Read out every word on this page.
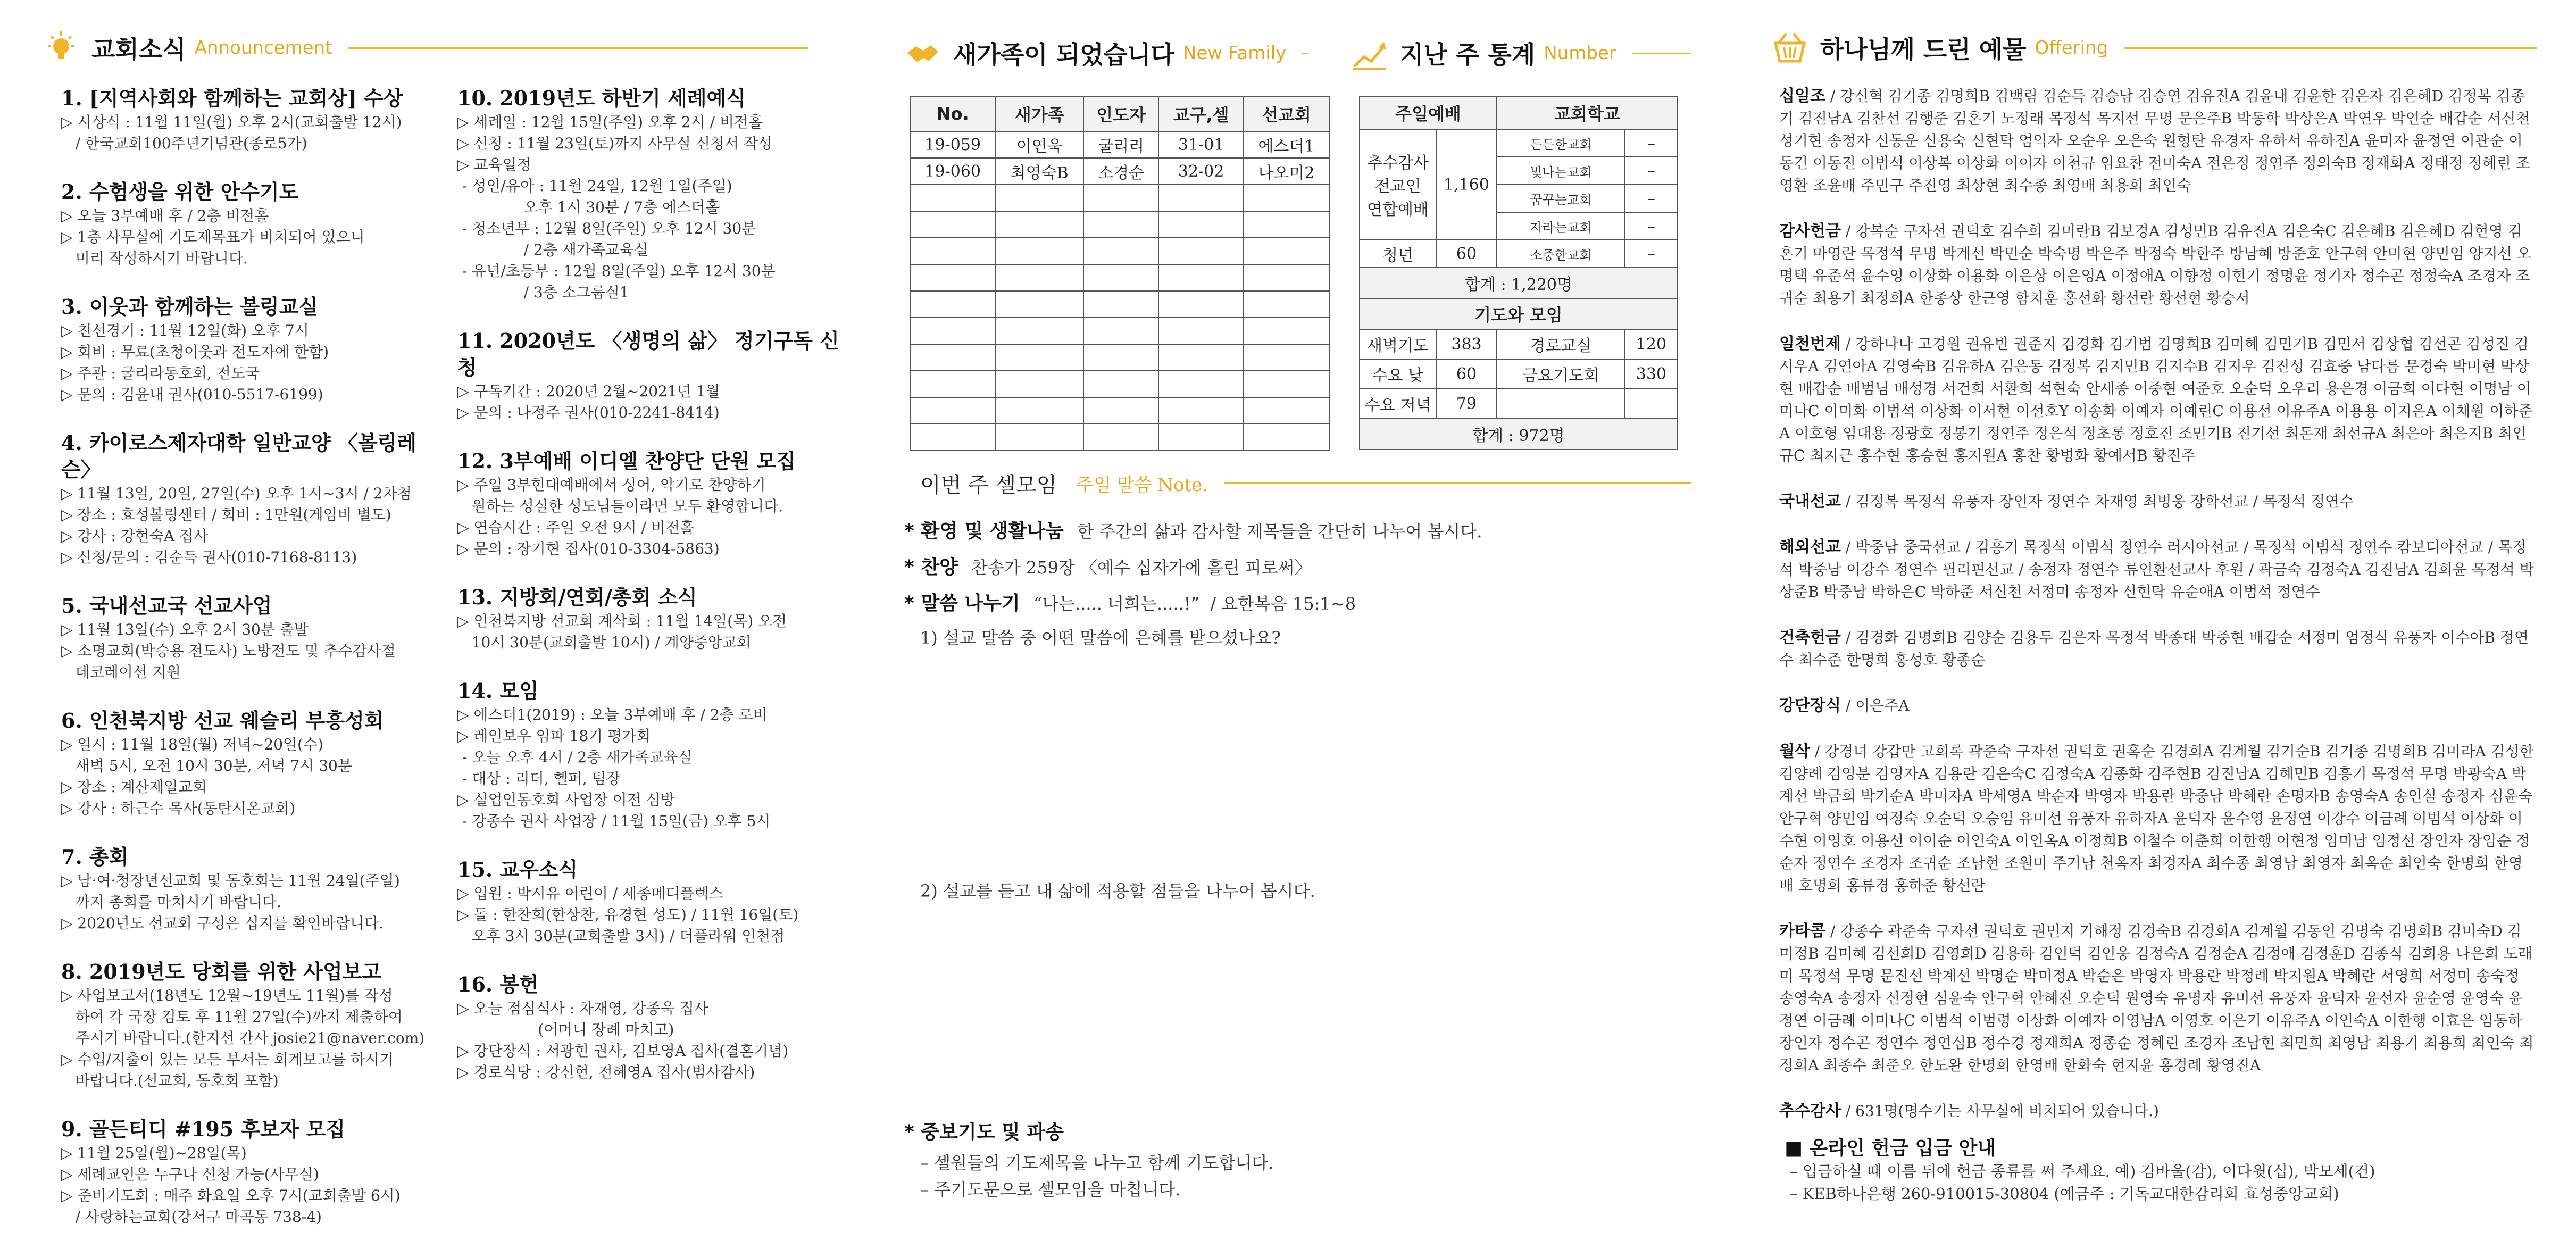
교회소식 Announcement
1. [지역사회와 함께하는 교회상] 수상
▷ 시상식 : 11월 11일(월) 오후 2시(교회출발 12시)
/ 한국교회100주년기념관(종로5가)
2. 수험생을 위한 안수기도
▷ 오늘 3부예배 후 / 2층 비전홀
▷ 1층 사무실에 기도제목표가 비치되어 있으니
미리 작성하시기 바랍니다.
3. 이웃과 함께하는 볼링교실
▷ 친선경기 : 11월 12일(화) 오후 7시
▷ 회비 : 무료(초청이웃과 전도자에 한함)
▷ 주관 : 굴리라동호회, 전도국
▷ 문의 : 김윤내 권사(010-5517-6199)
4. 카이로스제자대학 일반교양 〈볼링레슨〉
▷ 11월 13일, 20일, 27일(수) 오후 1시~3시 / 2차첨
▷ 장소 : 효성볼링센터 / 회비 : 1만원(게임비 별도)
▷ 강사 : 강현숙A 집사
▷ 신청/문의 : 김순득 권사(010-7168-8113)
5. 국내선교국 선교사업
▷ 11월 13일(수) 오후 2시 30분 출발
▷ 소명교회(박승용 전도사) 노방전도 및 추수감사절
데코레이션 지원
6. 인천북지방 선교 웨슬리 부흥성회
▷ 일시 : 11월 18일(월) 저녁~20일(수)
새벽 5시, 오전 10시 30분, 저녁 7시 30분
▷ 장소 : 계산제일교회
▷ 강사 : 하근수 목사(동탄시온교회)
7. 총회
▷ 남·여·청장년선교회 및 동호회는 11월 24일(주일)
까지 총회를 마치시기 바랍니다.
▷ 2020년도 선교회 구성은 십지를 확인바랍니다.
8. 2019년도 당회를 위한 사업보고
▷ 사업보고서(18년도 12월~19년도 11월)를 작성
하여 각 국장 검토 후 11월 27일(수)까지 제출하여
주시기 바랍니다.(한지선 간사 josie21@naver.com)
▷ 수입/지출이 있는 모든 부서는 회계보고를 하시기
바랍니다.(선교회, 동호회 포함)
9. 골든티디 #195 후보자 모집
▷ 11월 25일(월)~28일(목)
▷ 세례교인은 누구나 신청 가능(사무실)
▷ 준비기도회 : 매주 화요일 오후 7시(교회출발 6시)
/ 사랑하는교회(강서구 마곡동 738-4)
10. 2019년도 하반기 세례예식
▷ 세례일 : 12월 15일(주일) 오후 2시 / 비전홀
▷ 신청 : 11월 23일(토)까지 사무실 신청서 작성
▷ 교육일정
- 성인/유아 : 11월 24일, 12월 1일(주일)
오후 1시 30분 / 7층 에스더홀
- 청소년부 : 12월 8일(주일) 오후 12시 30분
/ 2층 새가족교육실
- 유년/초등부 : 12월 8일(주일) 오후 12시 30분
/ 3층 소그룹실1
11. 2020년도 〈생명의 삶〉 정기구독 신청
▷ 구독기간 : 2020년 2월~2021년 1월
▷ 문의 : 나정주 권사(010-2241-8414)
12. 3부예배 이디엘 찬양단 단원 모집
▷ 주일 3부현대예배에서 싱어, 악기로 찬양하기
원하는 성실한 성도님들이라면 모두 환영합니다.
▷ 연습시간 : 주일 오전 9시 / 비전홀
▷ 문의 : 장기현 집사(010-3304-5863)
13. 지방회/연회/총회 소식
▷ 인천북지방 선교회 계삭회 : 11월 14일(목) 오전
10시 30분(교회출발 10시) / 계양중앙교회
14. 모임
▷ 에스더1(2019) : 오늘 3부예배 후 / 2층 로비
▷ 레인보우 임파 18기 평가회
- 오늘 오후 4시 / 2층 새가족교육실
- 대상 : 리더, 헬퍼, 팀장
▷ 실업인동호회 사업장 이전 심방
- 강종수 권사 사업장 / 11월 15일(금) 오후 5시
15. 교우소식
▷ 입원 : 박시유 어린이 / 세종메디플렉스
▷ 돌 : 한찬희(한상찬, 유경현 성도) / 11월 16일(토)
오후 3시 30분(교회출발 3시) / 더플라워 인천점
16. 봉헌
▷ 오늘 점심식사 : 차재영, 강종욱 집사
(어머니 장례 마치고)
▷ 강단장식 : 서광현 권사, 김보영A 집사(결혼기념)
▷ 경로식당 : 강신현, 전혜영A 집사(범사감사)
새가족이 되었습니다 New Family	지난 주 통계 Number
No.	새가족	인도자	교구,셀	선교회
19-059	이연욱	굴리리	31-01	에스더1
19-060	최영숙B	소경순	32-02	나오미2

주일예배		교회학교	
추수감사
전교인
연합예배	1,160	든든한교회	–
		빛나는교회	–
		꿈꾸는교회	–
		자라는교회	–
청년	60	소중한교회	–
합계 : 1,220명			
기도와 모임			
새벽기도	383	경로교실	120
수요 낮	60	금요기도회	330
수요 저녁	79		
합계 : 972명			
이번 주 셀모임 주일 말씀 Note.
* 환영 및 생활나눔 한 주간의 삶과 감사할 제목들을 간단히 나누어 봅시다.
* 찬양 찬송가 259장 〈예수 십자가에 흘린 피로써〉
* 말씀 나누기 “나는..... 너희는.....!”  / 요한복음 15:1~8
1) 설교 말씀 중 어떤 말씀에 은혜를 받으셨나요?
2) 설교를 듣고 내 삶에 적용할 점들을 나누어 봅시다.
* 중보기도 및 파송
– 셀원들의 기도제목을 나누고 함께 기도합니다.
– 주기도문으로 셀모임을 마칩니다.
하나님께 드린 예물 Offering
십일조 / 강신혁 김기종 김명희B 김백림 김순득 김승남 김승연 김유진A 김윤내 김윤한 김은자 김은혜D 김정복 김종기 김진남A 김찬선 김행준 김혼기 노정래 목정석 목지선 무명 문은주B 박동학 박상은A 박연우 박인순 배갑순 서신천 성기현 송정자 신동운 신용숙 신현탁 엄익자 오순우 오은숙 원형탄 유경자 유하서 유하진A 윤미자 윤정연 이관순 이동건 이동진 이범석 이상복 이상화 이이자 이천규 임요찬 전미숙A 전은정 정연주 정의숙B 정재화A 정태정 정혜린 조영환 조윤배 주민구 주진영 최상현 최수종 최영배 최용희 최인숙
감사헌금 / 강복순 구자선 권덕호 김수희 김미란B 김보경A 김성민B 김유진A 김은숙C 김은혜B 김은혜D 김현영 김혼기 마영란 목정석 무명 박계선 박민순 박숙명 박은주 박정숙 박한주 방남혜 방준호 안구혁 안미현 양민임 양지선 오명택 유준석 윤수영 이상화 이용화 이은상 이은영A 이정애A 이향정 이현기 정명윤 정기자 정수곤 정정숙A 조경자 조귀순 최용기 최정희A 한종상 한근영 함치훈 홍선화 황선란 황선현 황승서
일천번제 / 강하나나 고경원 권유빈 권준지 김경화 김기범 김명희B 김미혜 김민기B 김민서 김상협 김선곤 김성진 김시우A 김연아A 김영숙B 김유하A 김은동 김정복 김지민B 김지수B 김지우 김진성 김효중 남다름 문경숙 박미현 박상현 배갑순 배범님 배성경 서건희 서환희 석현숙 안세종 어중현 여준호 오순덕 오우리 용은경 이금희 이다현 이명남 이미나C 이미화 이범석 이상화 이서현 이선호Y 이송화 이예자 이예린C 이용선 이유주A 이용용 이지은A 이채원 이하준A 이호형 임대용 정광호 정봉기 정연주 정은석 정초롱 정호진 조민기B 진기선 최돈재 최선규A 최은아 최은지B 최인규C 최지근 홍수현 홍승현 홍지원A 홍찬 황병화 황예서B 황진주
국내선교 / 김정복 목정석 유풍자 장인자 정연수 차재영 최병웅 장학선교 / 목정석 정연수
해외선교 / 박중남 중국선교 / 김흥기 목정석 이범석 정연수 러시아선교 / 목정석 이범석 정연수 캄보디아선교 / 목정석 박중남 이강수 정연수 필리핀선교 / 송정자 정연수 류인환선교사 후원 / 곽금숙 김정숙A 김진남A 김희윤 목정석 박상준B 박중남 박하은C 박하준 서신천 서정미 송정자 신현탁 유순애A 이범석 정연수
건축헌금 / 김경화 김명희B 김양순 김용두 김은자 목정석 박종대 박중현 배갑순 서정미 엄정식 유풍자 이수아B 정연수 최수준 한명희 홍성호 황종순
강단장식 / 이은주A
월삭 / 강경녀 강갑만 고희록 곽준숙 구자선 권덕호 권혹순 김경희A 김계월 김기순B 김기종 김명희B 김미라A 김성한 김양례 김영분 김영자A 김용란 김은숙C 김정숙A 김종화 김주현B 김진남A 김혜민B 김흥기 목정석 무명 박광숙A 박계선 박금희 박기순A 박미자A 박세영A 박순자 박영자 박용란 박중남 박혜란 손명자B 송영숙A 송인실 송정자 심윤숙 안구혁 양민임 여정숙 오순덕 오승임 유미선 유풍자 유하자A 윤덕자 윤수영 윤정연 이강수 이금례 이범석 이상화 이수현 이영호 이용선 이이순 이인숙A 이인옥A 이정희B 이철수 이춘희 이한행 이현정 임미남 임정선 장인자 장임순 정순자 정연수 조경자 조귀순 조남현 조원미 주기남 천옥자 최경자A 최수종 최영남 최영자 최옥순 최인숙 한명희 한영배 호명희 홍류경 홍하준 황선란
카타콤 / 강종수 곽준숙 구자선 권덕호 권민지 기해정 김경숙B 김경희A 김계월 김동인 김명숙 김명희B 김미숙D 김미정B 김미혜 김선희D 김영희D 김용하 김인덕 김인웅 김정숙A 김정순A 김정애 김정훈D 김종식 김희용 나은희 도래미 목정석 무명 문진선 박계선 박명순 박미정A 박순은 박영자 박용란 박정례 박지원A 박혜란 서영희 서정미 송숙정 송영숙A 송정자 신정현 심윤숙 안구혁 안혜진 오순덕 원영숙 유명자 유미선 유풍자 윤덕자 윤선자 윤순영 윤영숙 윤정연 이금례 이미나C 이범석 이범령 이상화 이예자 이영남A 이영호 이은기 이유주A 이인숙A 이한행 이효은 임동하 장인자 정수곤 정연수 정연심B 정수경 정재희A 정종순 정혜린 조경자 조남현 최민희 최영남 최용기 최용희 최인숙 최정희A 최종수 최준오 한도완 한명희 한영배 한화숙 현지윤 홍경례 황영진A
추수감사 / 631명(명수기는 사무실에 비치되어 있습니다.)
■ 온라인 헌금 입금 안내
– 입금하실 때 이름 뒤에 헌금 종류를 써 주세요. 예) 김바울(감), 이다윗(십), 박모세(건)
– KEB하나은행 260-910015-30804 (예금주 : 기독교대한감리회 효성중앙교회)
